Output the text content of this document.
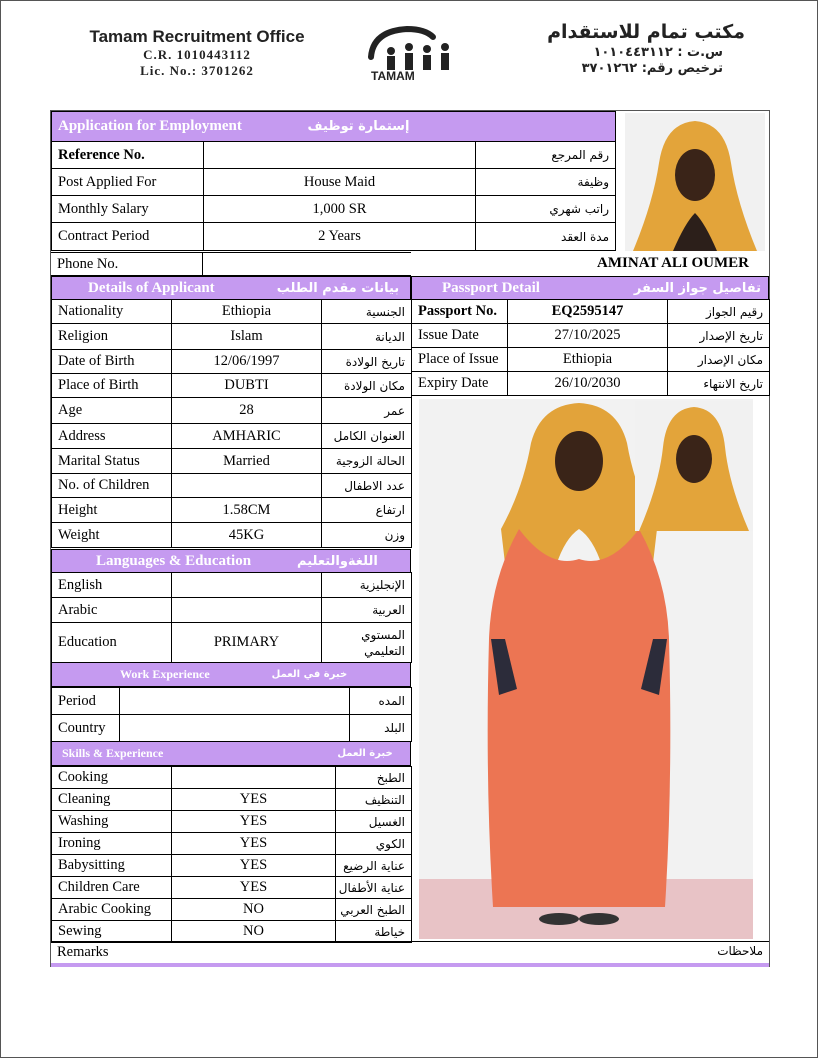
Tamam Recruitment Office
C.R. 1010443112
Lic. No.: 3701262	TAMAM
مكتب تمام للاستقدام
س.ت : ١٠١٠٤٤٣١١٢
ترخيص رقم: ٣٧٠١٢٦٢
Application for Employment إستمارة توظيف		
Reference No.		رقم المرجع
Post Applied For	House Maid	وظيفة
Monthly Salary	1,000 SR	راتب شهري
Contract Period	2 Years	مدة العقد
Phone No.	AMINAT ALI OUMER
Details of Applicant	بيانات مقدم الطلب
Nationality	Ethiopia	الجنسية
Religion	Islam	الديانة
Date of Birth	12/06/1997	تاريخ الولادة
Place of Birth	DUBTI	مكان الولادة
Age	28	عمر
Address	AMHARIC	العنوان الكامل
Marital Status	Married	الحالة الزوجية
No. of Children		عدد الاطفال
Height	1.58CM	ارتفاع
Weight	45KG	وزن
Languages & Education	اللغةوالتعليم
English		الإنجليزية
Arabic		العربية
Education	PRIMARY	المستوي التعليمي
Work Experience	خبرة في العمل
Period		المده
Country		البلد
Skills & Experience	خبرة العمل
Cooking		الطبخ
Cleaning	YES	التنظيف
Washing	YES	الغسيل
Ironing	YES	الكوي
Babysitting	YES	عناية الرضيع
Children Care	YES	عناية الأطفال
Arabic Cooking	NO	الطبخ العربي
Sewing	NO	خياطة
Remarks	ملاحظات
Passport Detail	تفاصيل جواز السفر
Passport No.	EQ2595147	رقيم الجواز
Issue Date	27/10/2025	تاريخ الإصدار
Place of Issue	Ethiopia	مكان الإصدار
Expiry Date	26/10/2030	تاريخ الانتهاء
